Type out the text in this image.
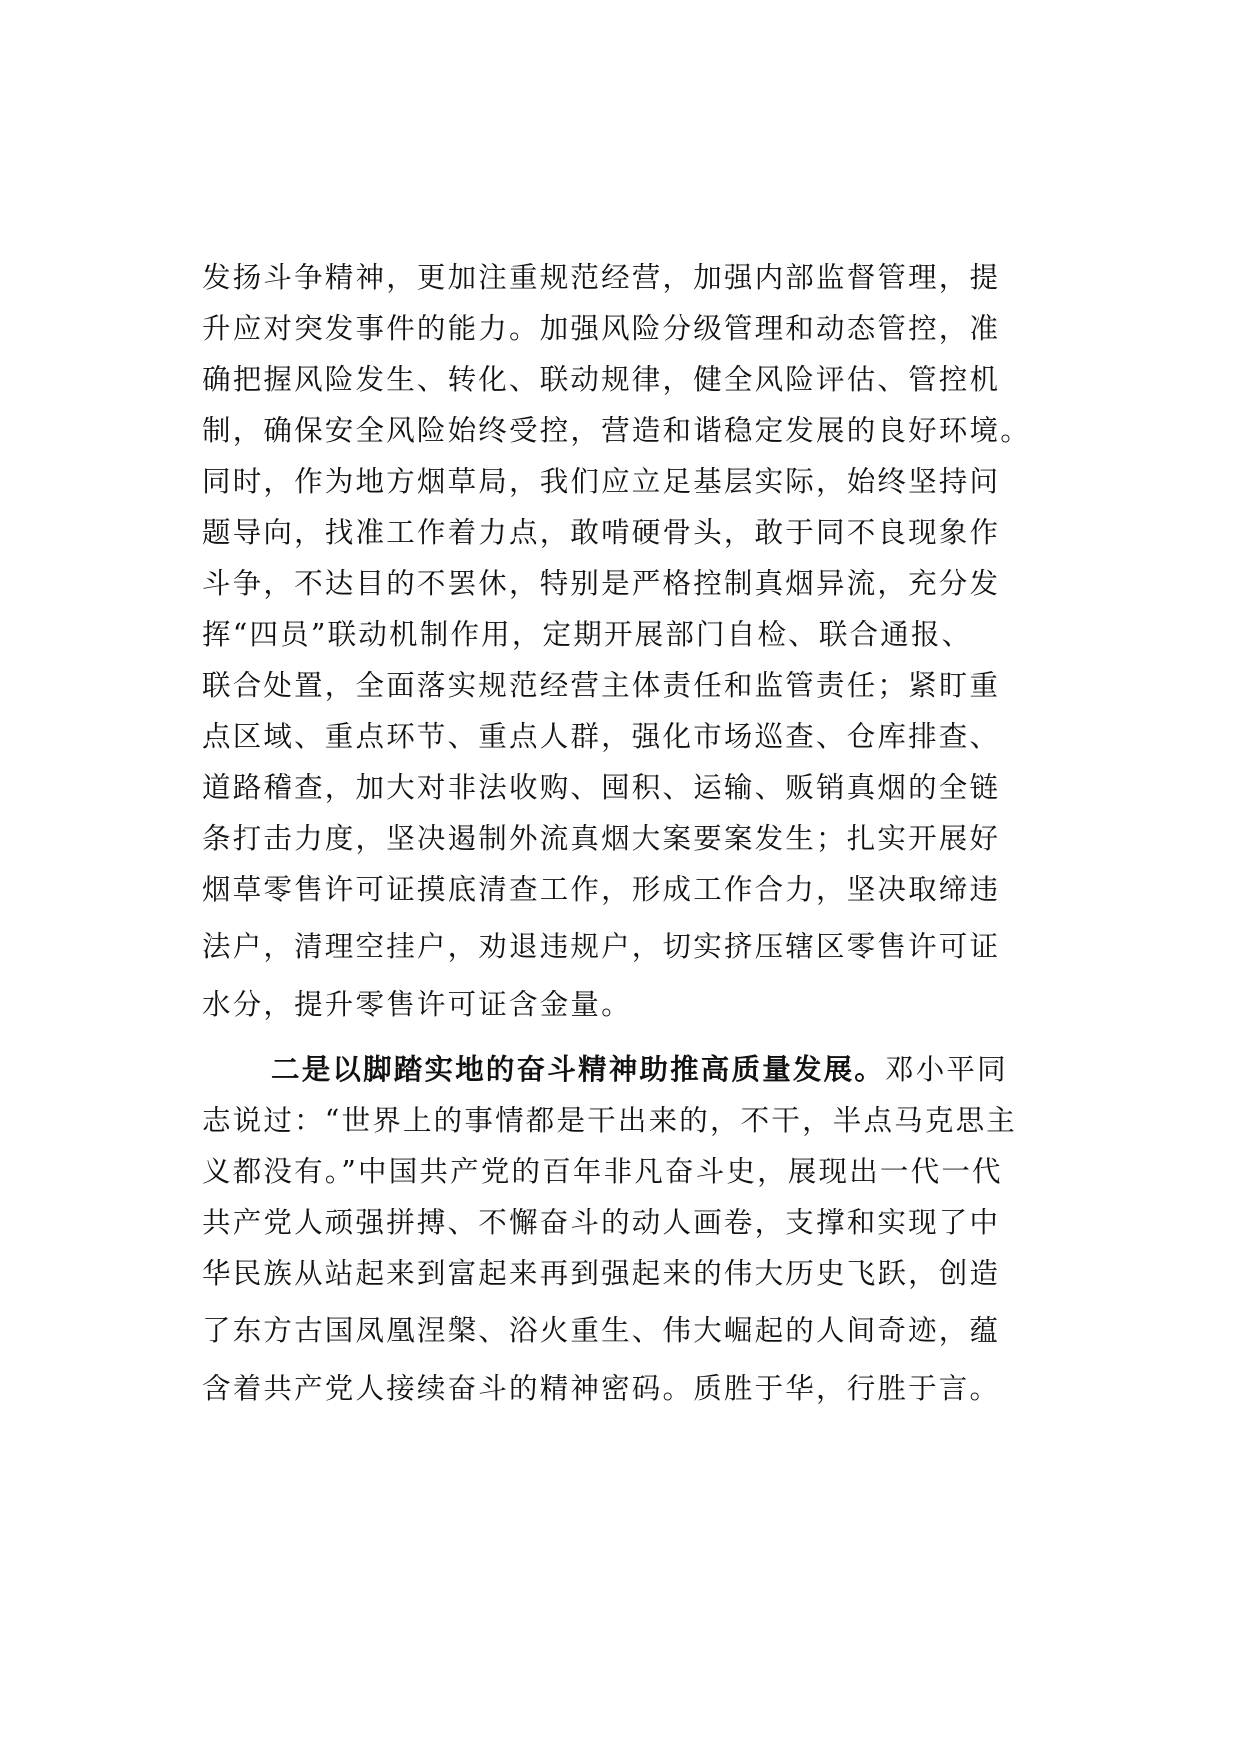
发扬斗争精神，更加注重规范经营，加强内部监督管理，提
升应对突发事件的能力。加强风险分级管理和动态管控，准
确把握风险发生、转化、联动规律，健全风险评估、管控机
制，确保安全风险始终受控，营造和谐稳定发展的良好环境。
同时，作为地方烟草局，我们应立足基层实际，始终坚持问
题导向，找准工作着力点，敢啃硬骨头，敢于同不良现象作
斗争，不达目的不罢休，特别是严格控制真烟异流，充分发
挥“四员”联动机制作用，定期开展部门自检、联合通报、
联合处置，全面落实规范经营主体责任和监管责任；紧盯重
点区域、重点环节、重点人群，强化市场巡查、仓库排查、
道路稽查，加大对非法收购、囤积、运输、贩销真烟的全链
条打击力度，坚决遏制外流真烟大案要案发生；扎实开展好
烟草零售许可证摸底清查工作，形成工作合力，坚决取缔违
法户，清理空挂户，劝退违规户，切实挤压辖区零售许可证
水分，提升零售许可证含金量。
二是以脚踏实地的奋斗精神助推高质量发展。邓小平同
志说过：“世界上的事情都是干出来的，不干，半点马克思主
义都没有。”中国共产党的百年非凡奋斗史，展现出一代一代
共产党人顽强拼搏、不懈奋斗的动人画卷，支撑和实现了中
华民族从站起来到富起来再到强起来的伟大历史飞跃，创造
了东方古国凤凰涅槃、浴火重生、伟大崛起的人间奇迹，蕴
含着共产党人接续奋斗的精神密码。质胜于华，行胜于言。
